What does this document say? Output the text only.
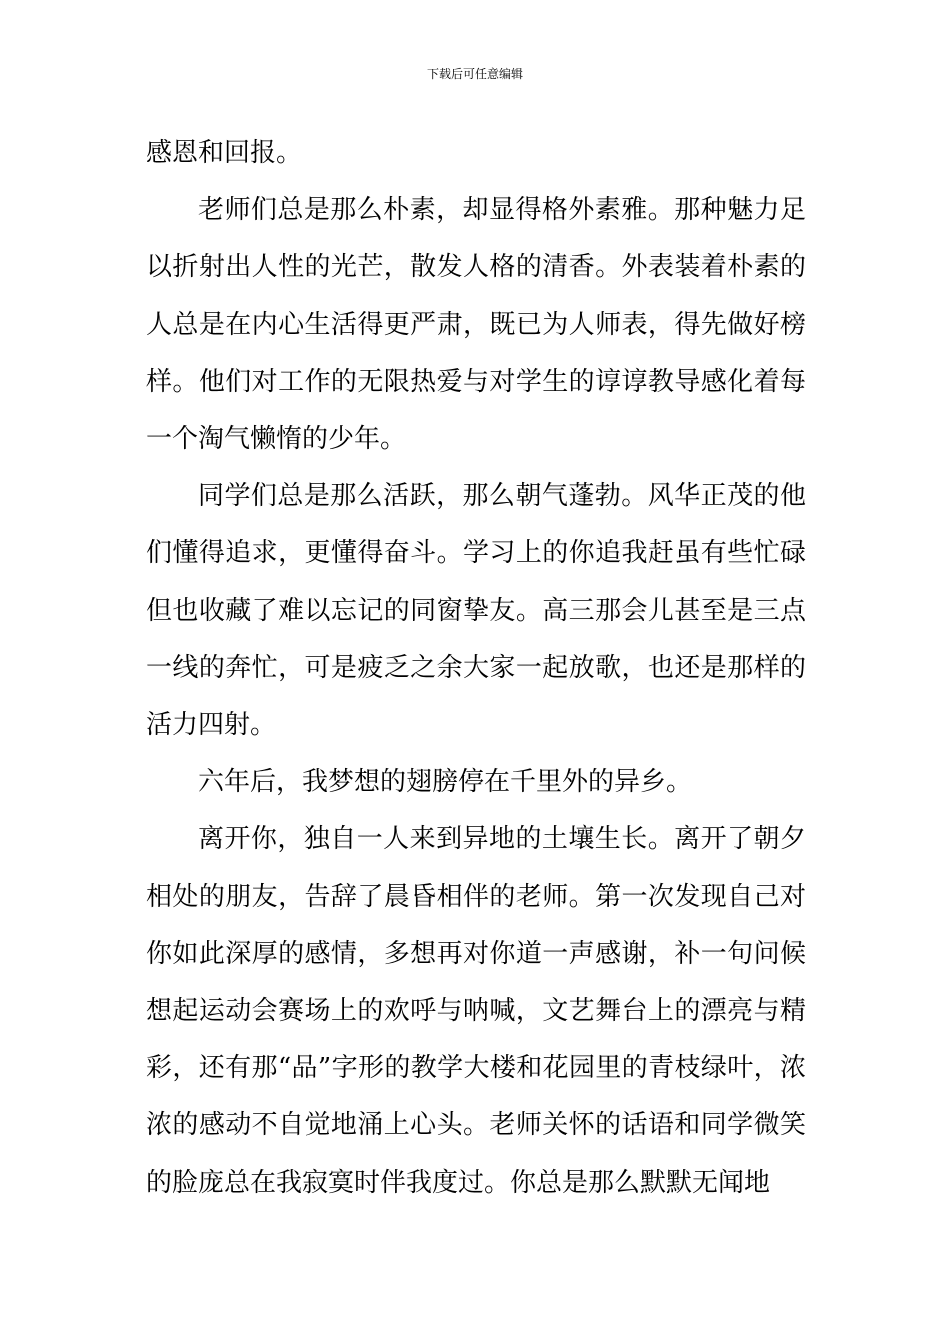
下载后可任意编辑

感恩和回报。

老师们总是那么朴素，却显得格外素雅。那种魅力足以折射出人性的光芒，散发人格的清香。外表装着朴素的人总是在内心生活得更严肃，既已为人师表，得先做好榜样。他们对工作的无限热爱与对学生的谆谆教导感化着每一个淘气懒惰的少年。

同学们总是那么活跃，那么朝气蓬勃。风华正茂的他们懂得追求，更懂得奋斗。学习上的你追我赶虽有些忙碌但也收藏了难以忘记的同窗挚友。高三那会儿甚至是三点一线的奔忙，可是疲乏之余大家一起放歌，也还是那样的活力四射。

六年后，我梦想的翅膀停在千里外的异乡。

离开你，独自一人来到异地的土壤生长。离开了朝夕相处的朋友，告辞了晨昏相伴的老师。第一次发现自己对你如此深厚的感情，多想再对你道一声感谢，补一句问候想起运动会赛场上的欢呼与呐喊，文艺舞台上的漂亮与精彩，还有那“品”字形的教学大楼和花园里的青枝绿叶，浓浓的感动不自觉地涌上心头。老师关怀的话语和同学微笑的脸庞总在我寂寞时伴我度过。你总是那么默默无闻地
